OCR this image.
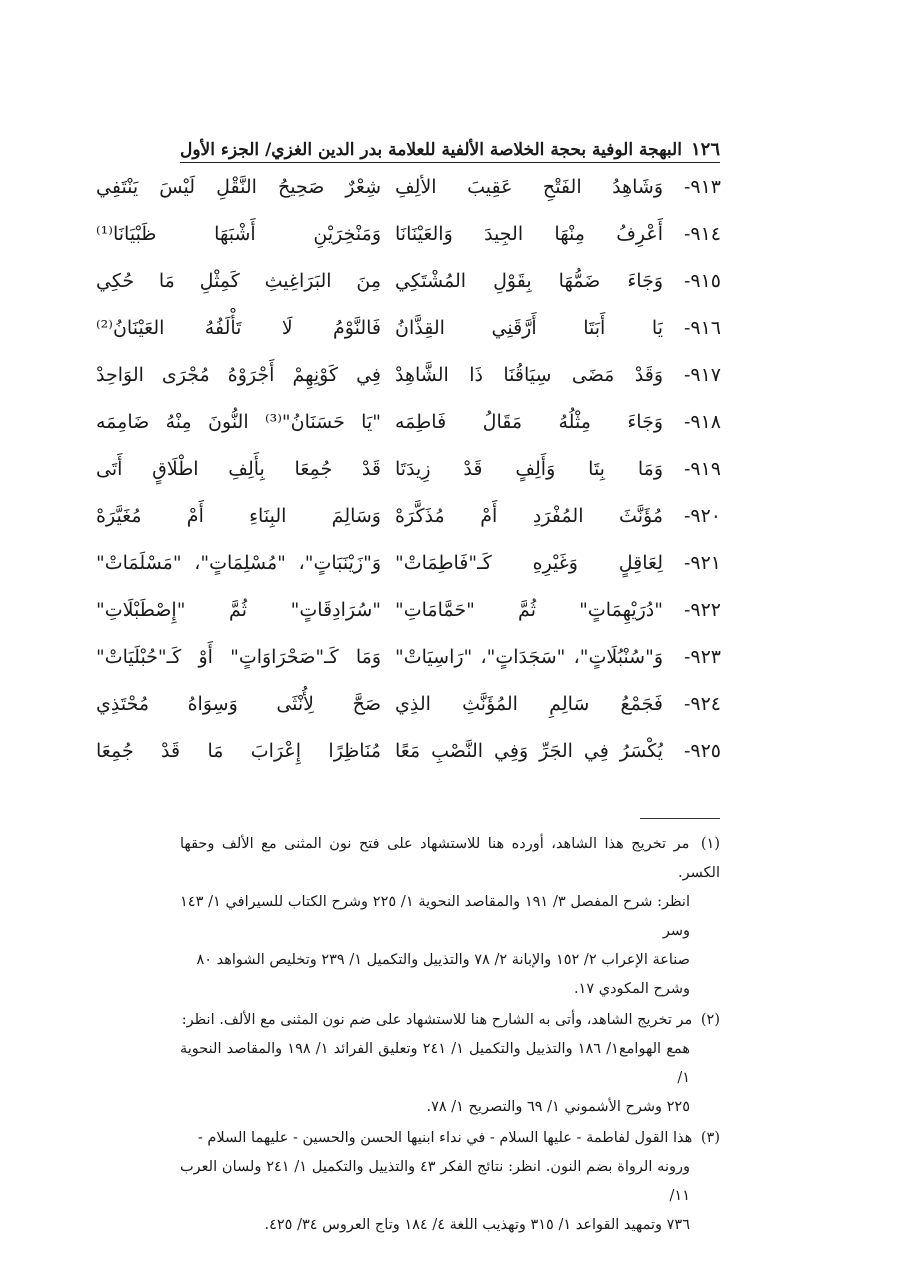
١٢٦
البهجة الوفية بحجة الخلاصة الألفية للعلامة بدر الدين الغزي/ الجزء الأول
٩١٣-
وَشَاهِدُ الفَتْحِ عَقِيبَ الألِفِ
شِعْرٌ صَحِيحُ النَّقْلِ لَيْسَ يَنْتَفِي
٩١٤-
أَعْرِفُ مِنْهَا الجِيدَ وَالعَيْنَانَا
وَمَنْخِرَيْنِ أَشْبَهَا ظَبْيَانَا⁽¹⁾
٩١٥-
وَجَاءَ ضَمُّهَا بِقَوْلِ المُشْتَكِي
مِنَ البَرَاغِيثِ كَمِثْلِ مَا حُكِي
٩١٦-
يَا أَبَتَا أَرَّقَنِي القِذَّانُ
فَالنَّوْمُ لَا تَأْلَفُهُ العَيْنَانُ⁽²⁾
٩١٧-
وَقَدْ مَضَى سِيَاقُنَا ذَا الشَّاهِدْ
فِي كَوْنِهِمْ أَجْرَوْهُ مُجْرَى الوَاحِدْ
٩١٨-
وَجَاءَ مِثْلُهُ مَقَالُ فَاطِمَه
"يَا حَسَنَانُ"⁽³⁾ النُّونَ مِنْهُ ضَامِمَه
٩١٩-
وَمَا بِتَا وَأَلِفٍ قَدْ زِيدَتَا
قَدْ جُمِعَا بِأَلِفِ اطْلَاقٍ أَتَى
٩٢٠-
مُؤَنَّثَ المُفْرَدِ أَمْ مُذَكَّرَهْ
وَسَالِمَ البِنَاءِ أَمْ مُغَيَّرَهْ
٩٢١-
لِعَاقِلٍ وَغَيْرِهِ كَـ"فَاطِمَاتْ"
وَ"زَيْنَبَاتٍ"، "مُسْلِمَاتٍ"، "مَسْلَمَاتْ"
٩٢٢-
"دُرَيْهِمَاتٍ" ثُمَّ "حَمَّامَاتِ"
"سُرَادِقَاتٍ" ثُمَّ "إِصْطَبْلَاتِ"
٩٢٣-
وَ"سُنْبُلَاتٍ"، "سَجَدَاتٍ"، "رَاسِيَاتْ"
وَمَا كَـ"صَحْرَاوَاتٍ" أَوْ كَـ"حُبْلَيَاتْ"
٩٢٤-
فَجَمْعُ سَالِمِ المُؤَنَّثِ الذِي
صَحَّ لِأُنْثَى وَسِوَاهُ مُحْتَذِي
٩٢٥-
يُكْسَرُ فِي الجَرِّ وَفِي النَّصْبِ مَعًا
مُنَاظِرًا إِعْرَابَ مَا قَدْ جُمِعَا
(١) مر تخريج هذا الشاهد، أورده هنا للاستشهاد على فتح نون المثنى مع الألف وحقها الكسر.
انظر: شرح المفصل ٣/ ١٩١ والمقاصد النحوية ١/ ٢٢٥ وشرح الكتاب للسيرافي ١/ ١٤٣ وسر
صناعة الإعراب ٢/ ١٥٢ والإبانة ٢/ ٧٨ والتذييل والتكميل ١/ ٢٣٩ وتخليص الشواهد ٨٠
وشرح المكودي ١٧.
(٢) مر تخريج الشاهد، وأتى به الشارح هنا للاستشهاد على ضم نون المثنى مع الألف. انظر:
همع الهوامع١/ ١٨٦ والتذييل والتكميل ١/ ٢٤١ وتعليق الفرائد ١/ ١٩٨ والمقاصد النحوية ١/
٢٢٥ وشرح الأشموني ١/ ٦٩ والتصريح ١/ ٧٨.
(٣) هذا القول لفاطمة - عليها السلام - في نداء ابنيها الحسن والحسين - عليهما السلام -
ورونه الرواة بضم النون. انظر: نتائج الفكر ٤٣ والتذييل والتكميل ١/ ٢٤١ ولسان العرب ١١/
٧٣٦ وتمهيد القواعد ١/ ٣١٥ وتهذيب اللغة ٤/ ١٨٤ وتاج العروس ٣٤/ ٤٢٥.
